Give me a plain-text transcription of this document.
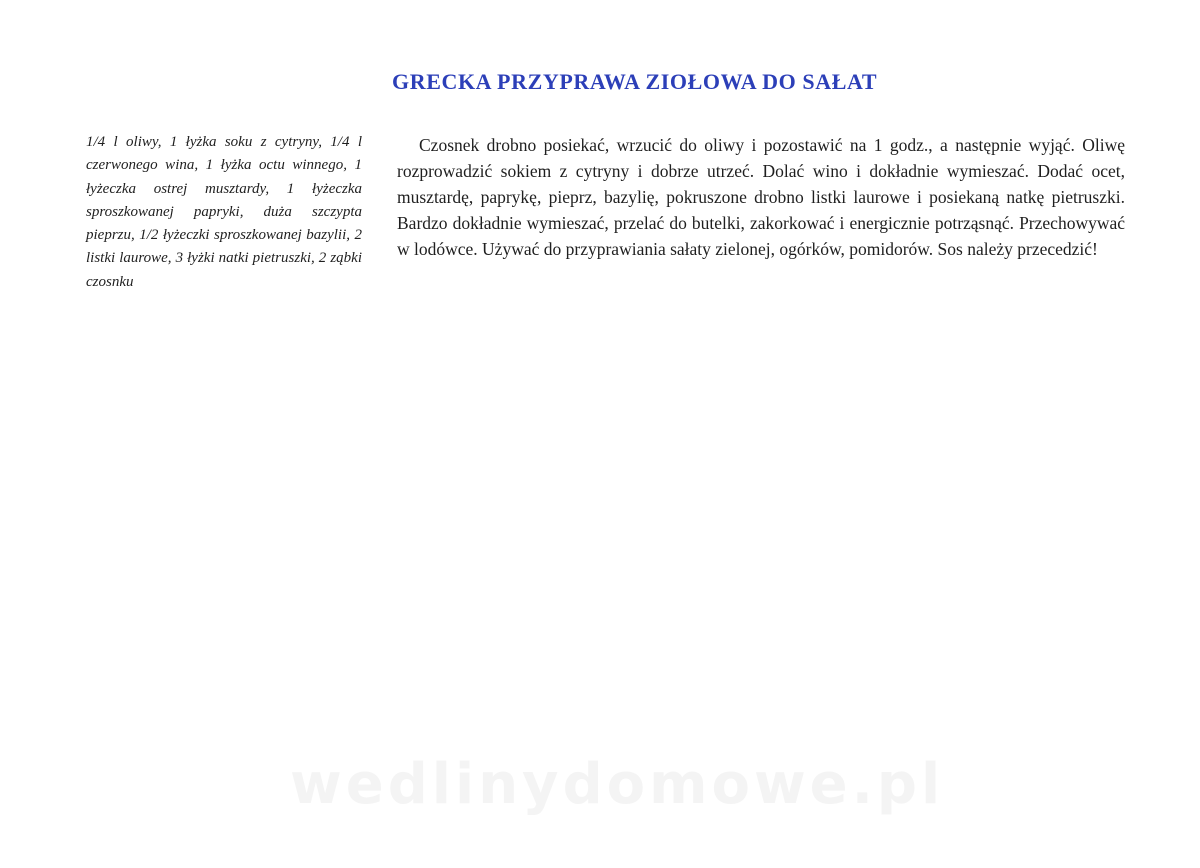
GRECKA PRZYPRAWA ZIOŁOWA DO SAŁAT

1/4 l oliwy, 1 łyżka soku z cytryny, 1/4 l czerwonego wina, 1 łyżka octu winnego, 1 łyżeczka ostrej musztardy, 1 łyżeczka sproszkowanej papryki, duża szczypta pieprzu, 1/2 łyżeczki sproszkowanej bazylii, 2 listki laurowe, 3 łyżki natki pietruszki, 2 ząbki czosnku

Czosnek drobno posiekać, wrzucić do oliwy i pozostawić na 1 godz., a następnie wyjąć. Oliwę rozprowadzić sokiem z cytryny i dobrze utrzeć. Dolać wino i dokładnie wymieszać. Dodać ocet, musztardę, paprykę, pieprz, bazylię, pokruszone drobno listki laurowe i posiekaną natkę pietruszki. Bardzo dokładnie wymieszać, przelać do butelki, zakorkować i energicznie potrząsnąć. Przechowywać w lodówce. Używać do przyprawiania sałaty zielonej, ogórków, pomidorów. Sos należy przecedzić!

wedlinydomowe.pl
